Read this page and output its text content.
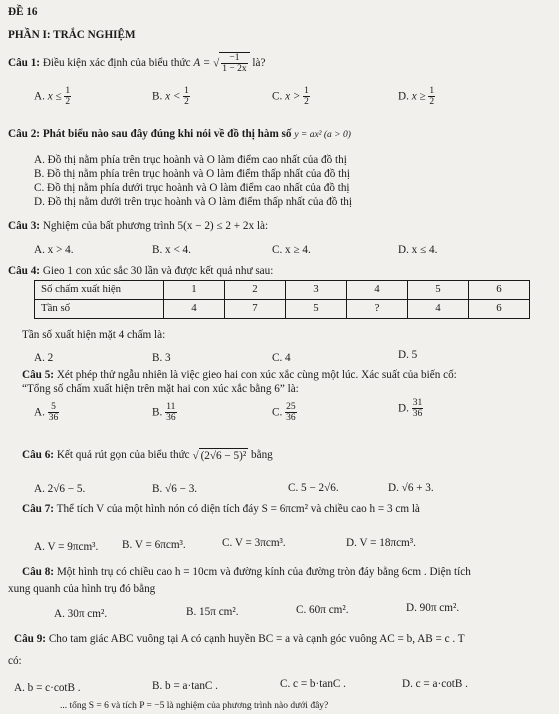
ĐỀ 16
PHẦN I: TRẮC NGHIỆM
Câu 1: Điều kiện xác định của biểu thức A = √ $\frac{-1}{1 - 2x}$ là?
A. $x \le \frac{1}{2}$	B. $x < \frac{1}{2}$	C. $x > \frac{1}{2}$	D. $x \ge \frac{1}{2}$
Câu 2: Phát biểu nào sau đây đúng khi nói về đồ thị hàm số y = ax² (a > 0)
A. Đồ thị nằm phía trên trục hoành và O làm điểm cao nhất của đồ thị
B. Đồ thị nằm phía trên trục hoành và O làm điểm thấp nhất của đồ thị
C. Đồ thị nằm phía dưới trục hoành và O làm điểm cao nhất của đồ thị
D. Đồ thị nằm dưới trên trục hoành và O làm điểm thấp nhất của đồ thị
Câu 3: Nghiệm của bất phương trình 5(x − 2) ≤ 2 + 2x là:
A. x > 4.	B. x < 4.	C. x ≥ 4.	D. x ≤ 4.
Câu 4: Gieo 1 con xúc sắc 30 lần và được kết quả như sau:
Số chấm xuất hiện	1	2	3	4	5	6
Tần số	4	7	5	?	4	6
Tần số xuất hiện mặt 4 chấm là:
A. 2	B. 3	C. 4	D. 5
Câu 5: Xét phép thử ngẫu nhiên là việc gieo hai con xúc xắc cùng một lúc. Xác suất của biến cố:
“Tổng số chấm xuất hiện trên mặt hai con xúc xắc bằng 6” là:
A. $\frac{5}{36}$	B. $\frac{11}{36}$	C. $\frac{25}{36}$	D. $\frac{31}{36}$
Câu 6: Kết quả rút gọn của biểu thức √ (2√6 − 5)² bằng
A. 2√6 − 5.	B. √6 − 3.	C. 5 − 2√6.	D. √6 + 3.
Câu 7: Thể tích V của một hình nón có diện tích đáy S = 6πcm² và chiều cao h = 3 cm là
A. V = 9πcm³. B. V = 6πcm³.	C. V = 3πcm³.	D. V = 18πcm³.
Câu 8: Một hình trụ có chiều cao h = 10cm và đường kính của đường tròn đáy bằng 6cm . Diện tích
xung quanh của hình trụ đó bằng
A. 30π cm².	B. 15π cm².	C. 60π cm².	D. 90π cm².
Câu 9: Cho tam giác ABC vuông tại A có cạnh huyền BC = a và cạnh góc vuông AC = b, AB = c . T
có:
A. b = c·cotB .	B. b = a·tanC .	C. c = b·tanC .	D. c = a·cotB .
... tổng S = 6 và tích P = −5 là nghiệm của phương trình nào dưới đây?
